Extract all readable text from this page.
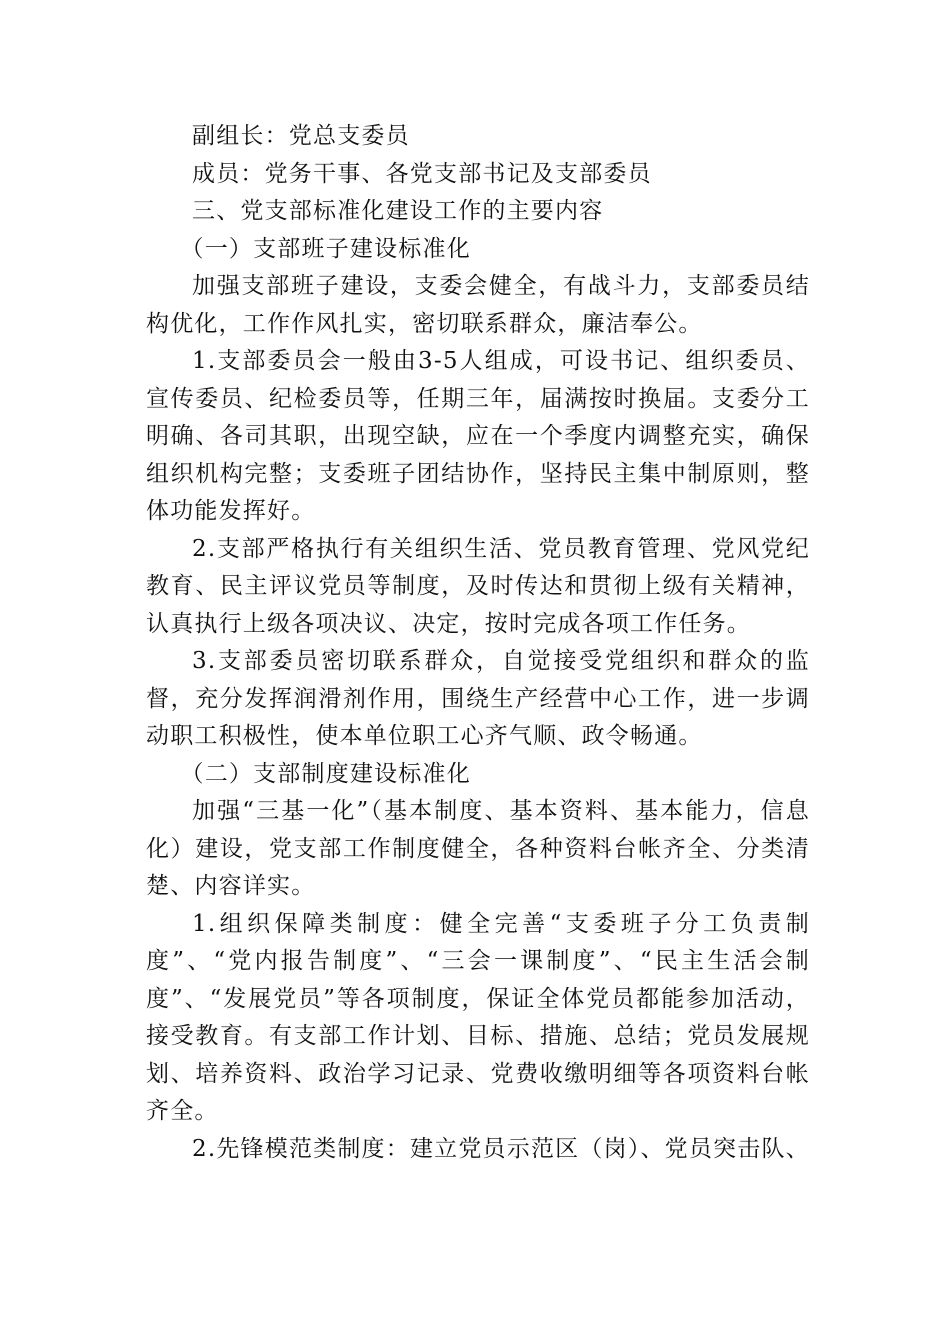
副组长：党总支委员

成员：党务干事、各党支部书记及支部委员

三、党支部标准化建设工作的主要内容

（一）支部班子建设标准化

加强支部班子建设，支委会健全，有战斗力，支部委员结构优化，工作作风扎实，密切联系群众，廉洁奉公。

1.支部委员会一般由3-5人组成，可设书记、组织委员、宣传委员、纪检委员等，任期三年，届满按时换届。支委分工明确、各司其职，出现空缺，应在一个季度内调整充实，确保组织机构完整；支委班子团结协作，坚持民主集中制原则，整体功能发挥好。

2.支部严格执行有关组织生活、党员教育管理、党风党纪教育、民主评议党员等制度，及时传达和贯彻上级有关精神，认真执行上级各项决议、决定，按时完成各项工作任务。

3.支部委员密切联系群众，自觉接受党组织和群众的监督，充分发挥润滑剂作用，围绕生产经营中心工作，进一步调动职工积极性，使本单位职工心齐气顺、政令畅通。

（二）支部制度建设标准化

加强“三基一化”（基本制度、基本资料、基本能力，信息化）建设，党支部工作制度健全，各种资料台帐齐全、分类清楚、内容详实。

1.组织保障类制度：健全完善“支委班子分工负责制度”、“党内报告制度”、“三会一课制度”、“民主生活会制度”、“发展党员”等各项制度，保证全体党员都能参加活动，接受教育。有支部工作计划、目标、措施、总结；党员发展规划、培养资料、政治学习记录、党费收缴明细等各项资料台帐齐全。

2.先锋模范类制度：建立党员示范区（岗）、党员突击队、
